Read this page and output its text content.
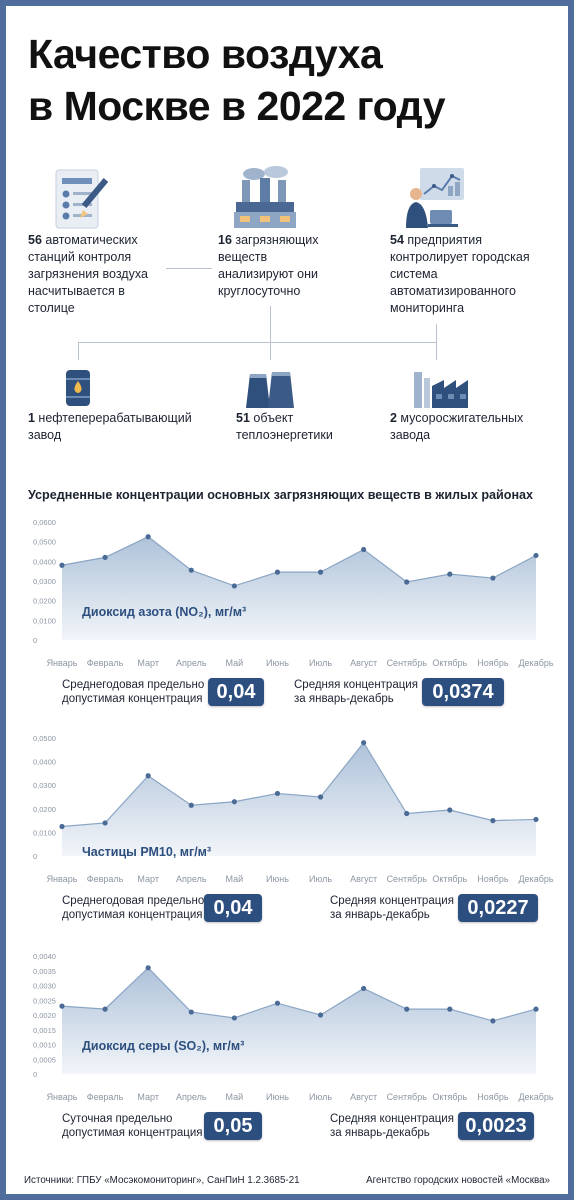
Качество воздуха
в Москве в 2022 году
56 автоматических станций контроля загрязнения воздуха насчитывается в столице
16 загрязняющих веществ анализируют они круглосуточно
54 предприятия контролирует городская система автоматизированного мониторинга
1 нефтеперерабатывающий завод
51 объект теплоэнергетики
2 мусоросжигательных завода
Усредненные концентрации основных загрязняющих веществ в жилых районах
0,0600
0,0500
0,0400
0,0300
0,0200
0,0100
0
Январь Февраль Март Апрель Май	Июнь Июль Август Сентябрь Октябрь Ноябрь Декабрь
Диоксид азота (NO₂), мг/м³
Среднегодовая предельно
допустимая концентрация 0,04	Средняя концентрация
за январь-декабрь	0,0374
0,0500
0,0400
0,0300
0,0200
0,0100
0
Январь Февраль Март Апрель Май	Июнь Июль Август Сентябрь Октябрь Ноябрь Декабрь
Частицы РМ10, мг/м³
Среднегодовая предельно
допустимая концентрация 0,04	Средняя концентрация
за январь-декабрь	0,0227
0,0040
0,0035
0,0030
0,0025
0,0020
0,0015
0,0010
0,0005
0
Январь Февраль Март Апрель Май	Июнь Июль Август Сентябрь Октябрь Ноябрь Декабрь
Диоксид серы (SO₂), мг/м³
Суточная предельно
допустимая концентрация 0,05	Средняя концентрация
за январь-декабрь	0,0023
Источники: ГПБУ «Мосэкомониторинг», СанПиН 1.2.3685-21	Агентство городских новостей «Москва»
